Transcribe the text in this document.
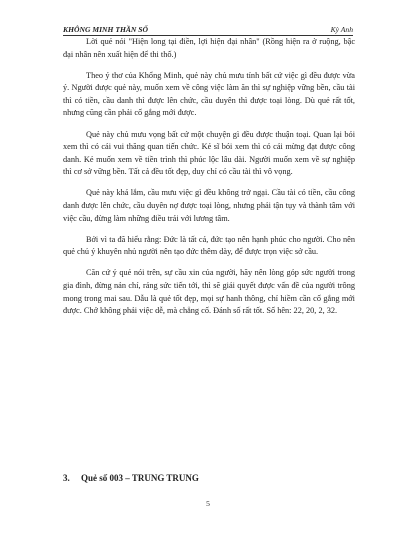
KHÔNG MINH THẦN SỐ	Kỳ Anh

Lời quẻ nói "Hiện long tại điền, lợi hiện đại nhân" (Rồng hiện ra ở ruộng, bậc đại nhân nên xuất hiện để thi thố.)

Theo ý thơ của Khổng Minh, quẻ này chủ mưu tính bất cứ việc gì đều được vừa ý. Người được quẻ này, muốn xem về công việc làm ăn thì sự nghiệp vững bền, cầu tài thì có tiền, cầu danh thì được lên chức, cầu duyên thì được toại lòng. Dù quẻ rất tốt, nhưng cũng cần phải cố gắng mới được.

Quẻ này chủ mưu vọng bất cứ một chuyện gì đều được thuận toại. Quan lại bói xem thì có cái vui thăng quan tiến chức. Kẻ sĩ bói xem thì có cái mừng đạt được công danh. Kẻ muốn xem về tiền trình thì phúc lộc lâu dài. Người muốn xem về sự nghiệp thì cơ sở vững bền. Tất cả đều tốt đẹp, duy chỉ có cầu tài thì vô vọng.

Quẻ này khá lắm, cầu mưu việc gì đều không trở ngại. Cầu tài có tiền, cầu công danh được lên chức, cầu duyên nợ được toại lòng, nhưng phải tận tụy và thành tâm với việc cầu, đừng làm những điều trái với lương tâm.

Bởi vì ta đã hiểu rằng: Đức là tất cả, đức tạo nên hạnh phúc cho người. Cho nên quẻ chủ ý khuyên nhủ người nên tạo đức thêm dày, để được trọn việc sở cầu.

Căn cứ ý quẻ nói trên, sự cầu xin của người, hãy nên lòng góp sức người trong gia đình, đừng nản chí, ráng sức tiến tới, thì sẽ giải quyết được vấn đề của người trông mong trong mai sau. Dẫu là quẻ tốt đẹp, mọi sự hanh thông, chỉ hiềm cần cố gắng mới được. Chớ không phải việc dễ, mà chẳng cố. Đánh số rất tốt. Số hên: 22, 20, 2, 32.

3. Quẻ số 003 – TRUNG TRUNG
5
